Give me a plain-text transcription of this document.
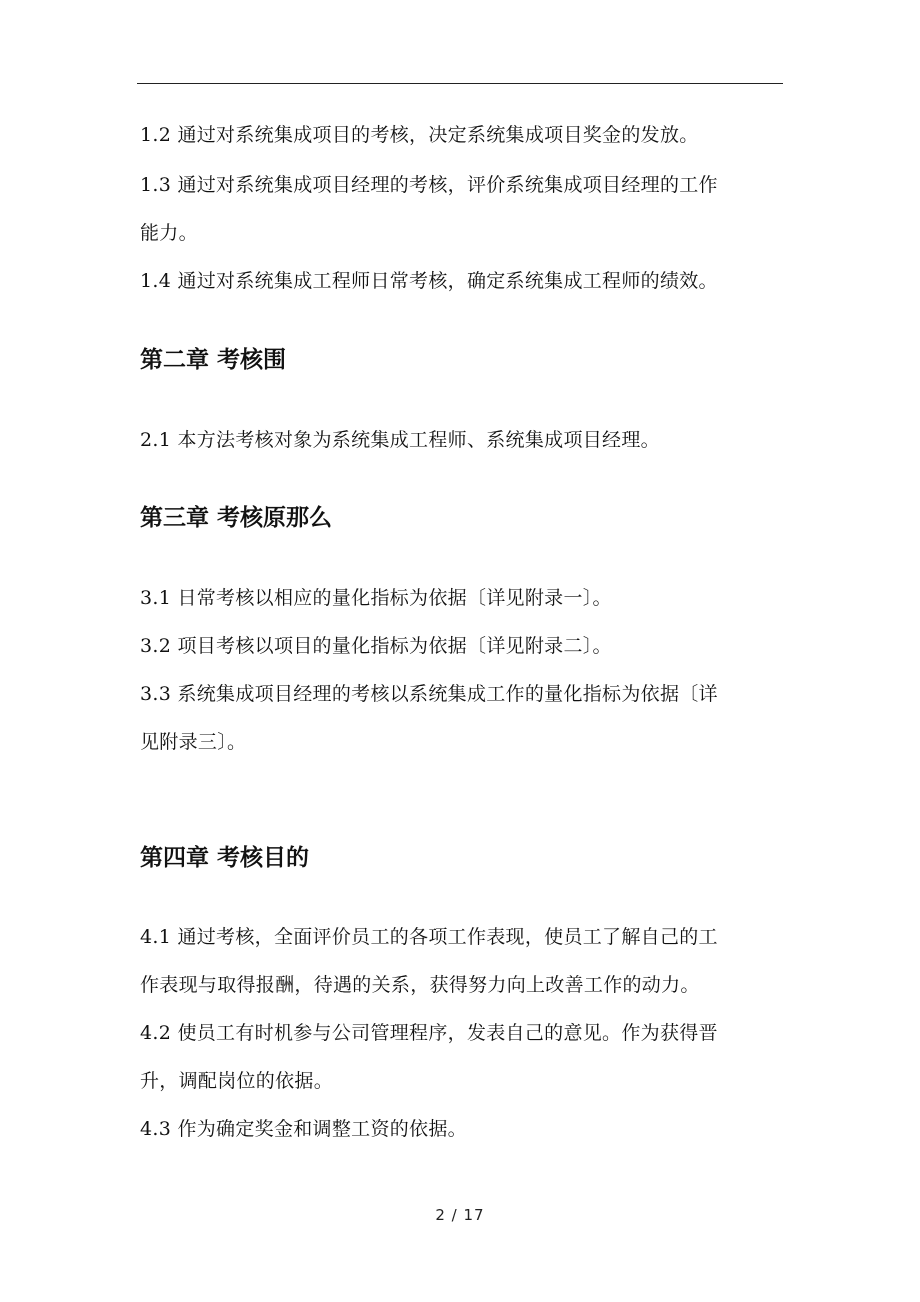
1.2 通过对系统集成项目的考核，决定系统集成项目奖金的发放。

1.3 通过对系统集成项目经理的考核，评价系统集成项目经理的工作
能力。

1.4 通过对系统集成工程师日常考核，确定系统集成工程师的绩效。

第二章 考核围

2.1 本方法考核对象为系统集成工程师、系统集成项目经理。

第三章 考核原那么

3.1 日常考核以相应的量化指标为依据〔详见附录一〕。

3.2 项目考核以项目的量化指标为依据〔详见附录二〕。

3.3 系统集成项目经理的考核以系统集成工作的量化指标为依据〔详
见附录三〕。

第四章 考核目的

4.1 通过考核，全面评价员工的各项工作表现，使员工了解自己的工
作表现与取得报酬，待遇的关系，获得努力向上改善工作的动力。

4.2 使员工有时机参与公司管理程序，发表自己的意见。作为获得晋
升，调配岗位的依据。

4.3 作为确定奖金和调整工资的依据。

2 / 17
